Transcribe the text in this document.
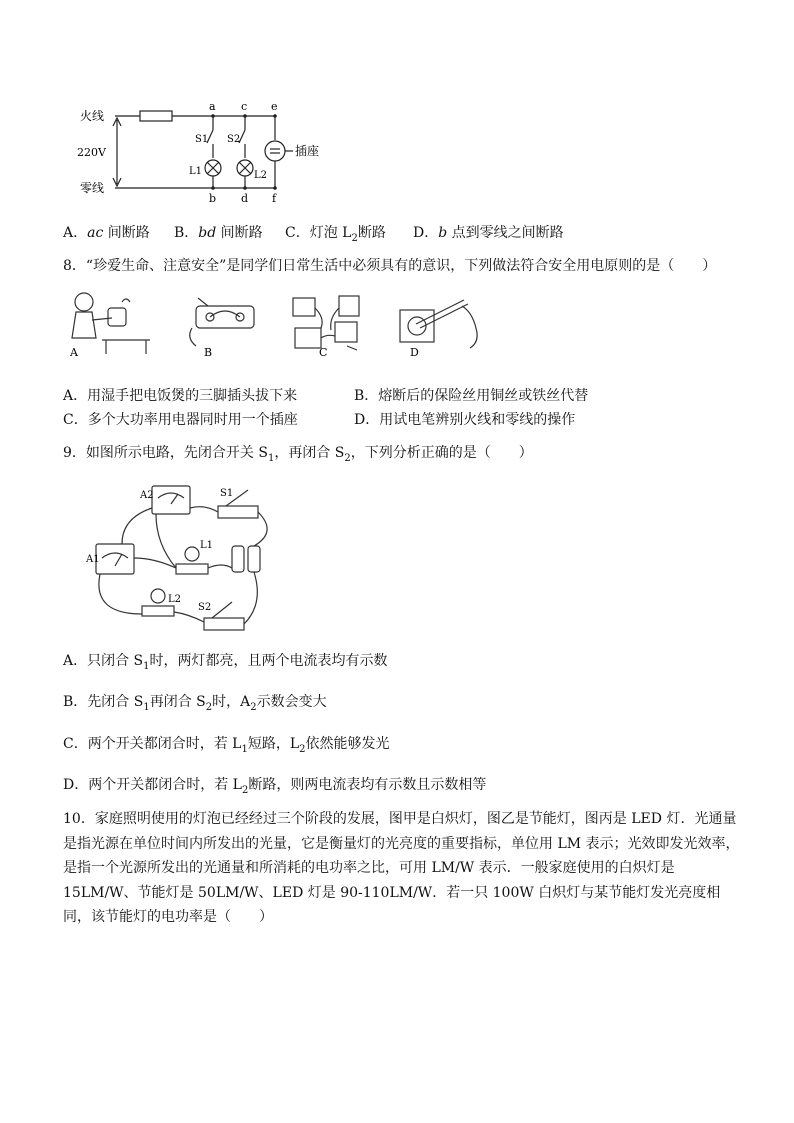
火线
零线
220V
a c e
b d f
S1 S2
L1	L2
插座
A．ac 间断路 B．bd 间断路 C．灯泡 $L_2$断路 D．b 点到零线之间断路
8．“珍爱生命、注意安全”是同学们日常生活中必须具有的意识，下列做法符合安全用电原则的是（　　）
A	B	C	D
A．用湿手把电饭煲的三脚插头拔下来	B．熔断后的保险丝用铜丝或铁丝代替
C．多个大功率用电器同时用一个插座	D．用试电笔辨别火线和零线的操作
9．如图所示电路，先闭合开关 $S_1$，再闭合 $S_2$，下列分析正确的是（　　）
A2	S1
A1
L1
L2
S2
A．只闭合 $S_1$时，两灯都亮，且两个电流表均有示数
B．先闭合 $S_1$再闭合 $S_2$时，$A_2$示数会变大
C．两个开关都闭合时，若 $L_1$短路，$L_2$依然能够发光
D．两个开关都闭合时，若 $L_2$断路，则两电流表均有示数且示数相等
10．家庭照明使用的灯泡已经经过三个阶段的发展，图甲是白炽灯，图乙是节能灯，图丙是 LED 灯．光通量是指光源在单位时间内所发出的光量，它是衡量灯的光亮度的重要指标，单位用 LM 表示；光效即发光效率，是指一个光源所发出的光通量和所消耗的电功率之比，可用 LM/W 表示．一般家庭使用的白炽灯是 15LM/W、节能灯是 50LM/W、LED 灯是 90-110LM/W．若一只 100W 白炽灯与某节能灯发光亮度相同，该节能灯的电功率是（　　）
